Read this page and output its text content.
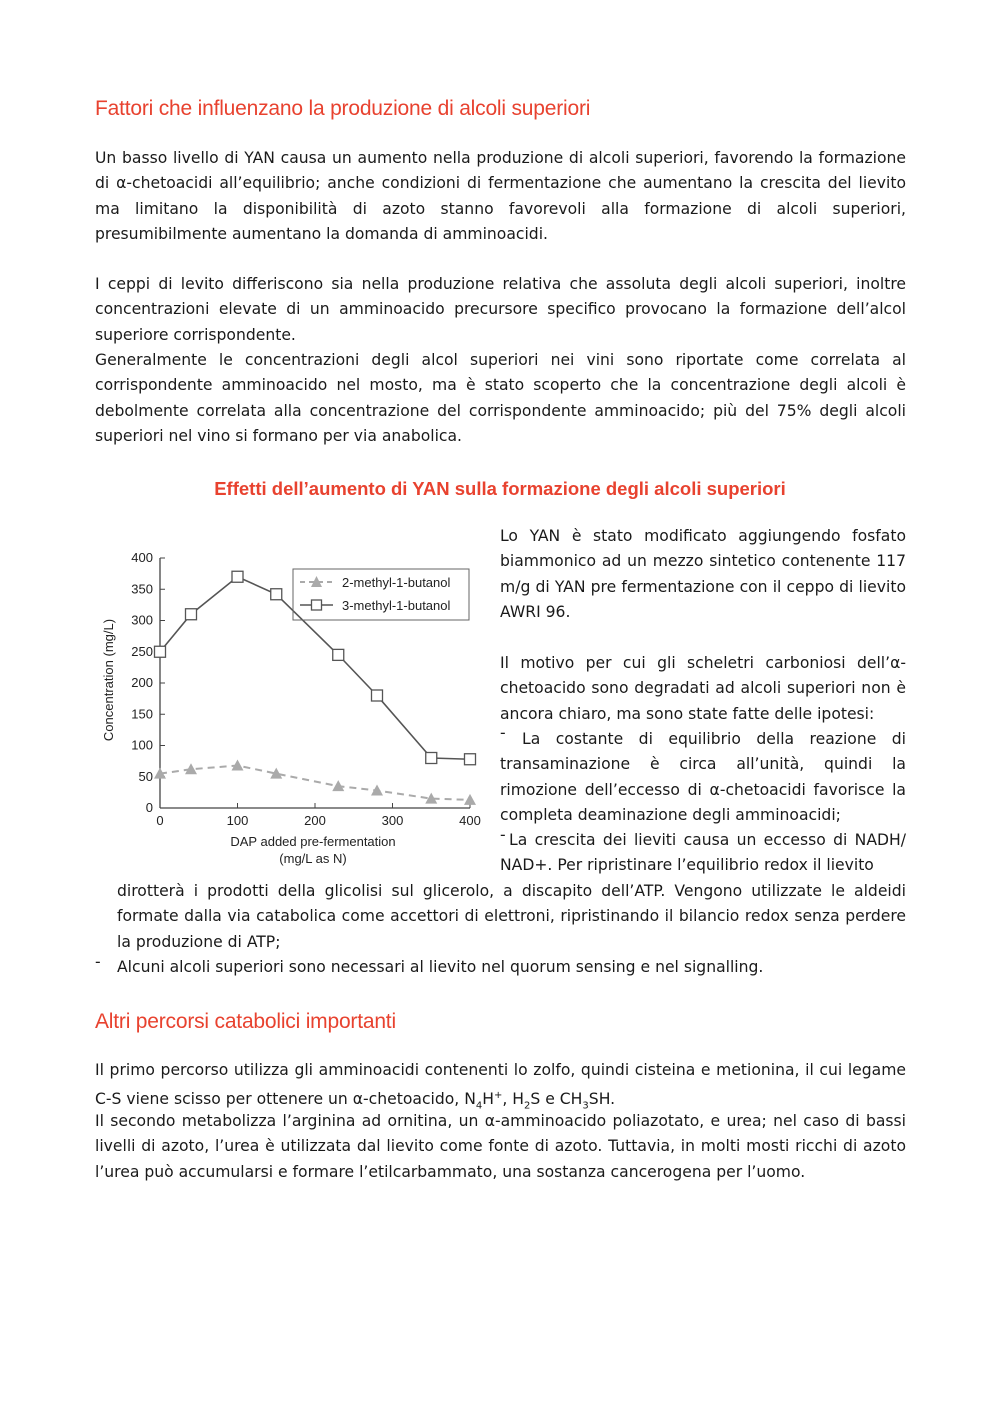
Fattori che influenzano la produzione di alcoli superiori

Un basso livello di YAN causa un aumento nella produzione di alcoli superiori, favorendo la formazione di α-chetoacidi all’equilibrio; anche condizioni di fermentazione che aumentano la crescita del lievito ma limitano la disponibilità di azoto stanno favorevoli alla formazione di alcoli superiori, presumibilmente aumentano la domanda di amminoacidi.

I ceppi di levito differiscono sia nella produzione relativa che assoluta degli alcoli superiori, inoltre concentrazioni elevate di un amminoacido precursore specifico provocano la formazione dell’alcol superiore corrispondente.

Generalmente le concentrazioni degli alcol superiori nei vini sono riportate come correlata al corrispondente amminoacido nel mosto, ma è stato scoperto che la concentrazione degli alcoli è debolmente correlata alla concentrazione del corrispondente amminoacido; più del 75% degli alcoli superiori nel vino si formano per via anabolica.

Effetti dell’aumento di YAN sulla formazione degli alcoli superiori
0
50
100
150
200
250
300
350
400
0	100	200	300	400
Concentration (mg/L)
DAP added pre-fermentation
(mg/L as N)
2-methyl-1-butanol
3-methyl-1-butanol

Lo YAN è stato modificato aggiungendo fosfato biammonico ad un mezzo sintetico contenente 117 m/g di YAN pre fermentazione con il ceppo di lievito AWRI 96.

Il motivo per cui gli scheletri carboniosi dell’α-chetoacido sono degradati ad alcoli superiori non è ancora chiaro, ma sono state fatte delle ipotesi:

-	La costante di equilibrio della reazione di transaminazione è circa all’unità, quindi la rimozione dell’eccesso di α-chetoacidi favorisce la completa deaminazione degli amminoacidi;

- La crescita dei lieviti causa un eccesso di NADH/ NAD+. Per ripristinare l’equilibrio redox il lievito

dirotterà i prodotti della glicolisi sul glicerolo, a discapito dell’ATP. Vengono utilizzate le aldeidi formate dalla via catabolica come accettori di elettroni, ripristinando il bilancio redox senza perdere la produzione di ATP;

- Alcuni alcoli superiori sono necessari al lievito nel quorum sensing e nel signalling.

Altri percorsi catabolici importanti

Il primo percorso utilizza gli amminoacidi contenenti lo zolfo, quindi cisteina e metionina, il cui legame C-S viene scisso per ottenere un α-chetoacido, $N_4H^+$, $H_2S$ e $CH_3SH$.

Il secondo metabolizza l’arginina ad ornitina, un α-amminoacido poliazotato, e urea; nel caso di bassi livelli di azoto, l’urea è utilizzata dal lievito come fonte di azoto. Tuttavia, in molti mosti ricchi di azoto l’urea può accumularsi e formare l’etilcarbammato, una sostanza cancerogena per l’uomo.
